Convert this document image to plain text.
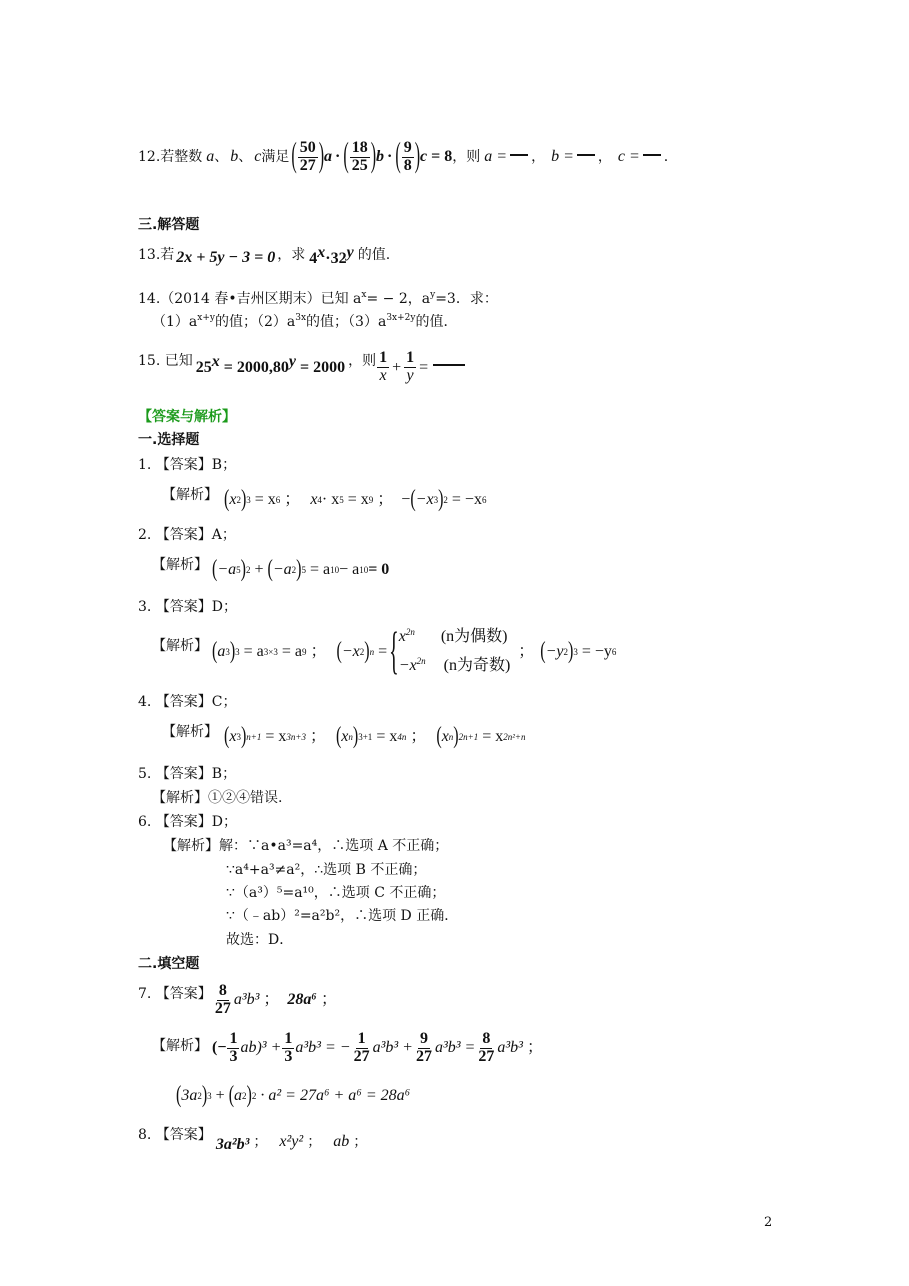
12.若整数 a 、 b 、 c 满足 ( $\frac{50}{27}$ ) a · ( $\frac{18}{25}$ ) b · ( $\frac{9}{8}$ ) c = 8 ，则 a = ， b = ， c = .
三.解答题
13.若 2x + 5y − 3 = 0 ，求 $4^x\cdot 32^y$ 的值.
14.（2014 春•吉州区期末）已知 $a^x= - 2$，$a^y=3$．求：
$(1)a^{x+y}$的值；$(2)a^{3x}$的值；$(3)a^{3x+2y}$的值．
15. 已知 $25^x = 2000,80^y = 2000$ ，则 $\frac{1}{x} + \frac{1}{y}$ =
【答案与解析】
一.选择题
1. 【答案】B；
【解析】 ( x 2 ) 3 = x 6 ； x 4 · x 5 = x 9 ； − ( −x 3 ) 2 = −x 6
2. 【答案】A；
【解析】 ( −a 5 ) 2 + ( −a 2 ) 5 = a 10 − a 10 = 0
3. 【答案】D；
【解析】 ( a 3 ) 3 = a 3×3 = a 9 ； ( −x 2 ) n = { $x^{2n}$ (n为偶数)
$-x^{2n}$ (n为奇数)
； ( −y 2 ) 3 = −y 6
4. 【答案】C；
【解析】 ( x 3 ) n+1 = x 3n+3 ； ( x n ) 3+1 = x 4n ； ( x n ) 2n+1 = x 2n²+n
5. 【答案】B；
【解析】①②④错误.
6. 【答案】D；
【解析】解：∵a•a³=a⁴，∴选项 A 不正确；
∵a⁴+a³≠a²，∴选项 B 不正确；
∵（a³）⁵=a¹⁰，∴选项 C 不正确；
∵（﹣ab）²=a²b²，∴选项 D 正确．
故选：D．
二.填空题
7. 【答案】 $\frac{8}{27} a^3b^3$ ； 28a⁶ ；
【解析】 (− $\frac{1}{3} ab)^3 + \frac{1}{3} a^3b^3$ = − $\frac{1}{27} a^3b^3 + \frac{9}{27} a^3b^3 = \frac{8}{27} a^3b^3$ ；
( 3a 2 ) 3 + ( a 2 ) 2 · a² = 27a⁶ + a⁶ = 28a⁶
8. 【答案】
3a²b³ ； x²y² ； ab ；
2
